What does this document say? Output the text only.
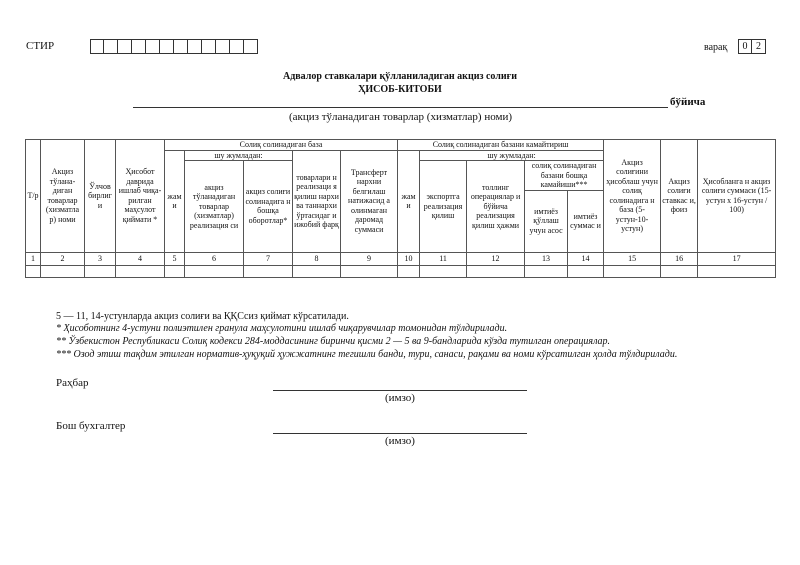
СТИР	варақ	0 2
Адвалор ставкалари қўлланиладиган акциз солиғи
ҲИСОБ-КИТОБИ
бўйича
(акциз тўланадиган товарлар (хизматлар) номи)
Т/р	Акциз тўлана-диган товарлар (хизматла р) номи	Ўлчов бирлиг и	Ҳисобот даврида ишлаб чиқа-рилган маҳсулот қиймати *	Солиқ солинадиган база					Солиқ солинадиган базани камайтириш					Акциз солиғини ҳисоблаш учун солиқ солинадига н база (5-устун-10-устун)	Акциз солиғи ставкас и, фоиз	Ҳисобланга н акциз солиғи суммаси (15-устун х 16-устун / 100)
				жам и	шу жумладан:		товарлари н реализаци я қилиш нархи ва таннархи ўртасидаг и ижобий фарқ	Трансферт нархни белгилаш натижасид а олинмаган даромад суммаси	жам и	шу жумладан:						
					акциз тўланадиган товарлар (хизматлар) реализация си	акциз солиғи солинадига н бошқа оборотлар*				экспортга реализация қилиш	толлинг операциялар и бўйича реализация қилиш ҳажми	солиқ солинадиган базани бошқа камайиши***				
												имтиёз қўллаш учун асос	имтиёз суммас и			
1	2	3	4	5	6	7	8	9	10	11	12	13	14	15	16	17

5 — 11, 14-устунларда акциз солиғи ва ҚҚСсиз қиймат кўрсатилади.
* Ҳисоботнинг 4-устуни полиэтилен гранула маҳсулотини ишлаб чиқарувчилар томонидан тўлдирилади.
** Ўзбекистон Республикаси Солиқ кодекси 284-моддасининг биринчи қисми 2 — 5 ва 9-бандларида кўзда тутилган операциялар.
*** Озод этиш тақдим этилган норматив-ҳуқуқий ҳужжатнинг тегишли банди, тури, санаси, рақами ва номи кўрсатилган ҳолда тўлдирилади.
Раҳбар
(имзо)
Бош бухгалтер
(имзо)
